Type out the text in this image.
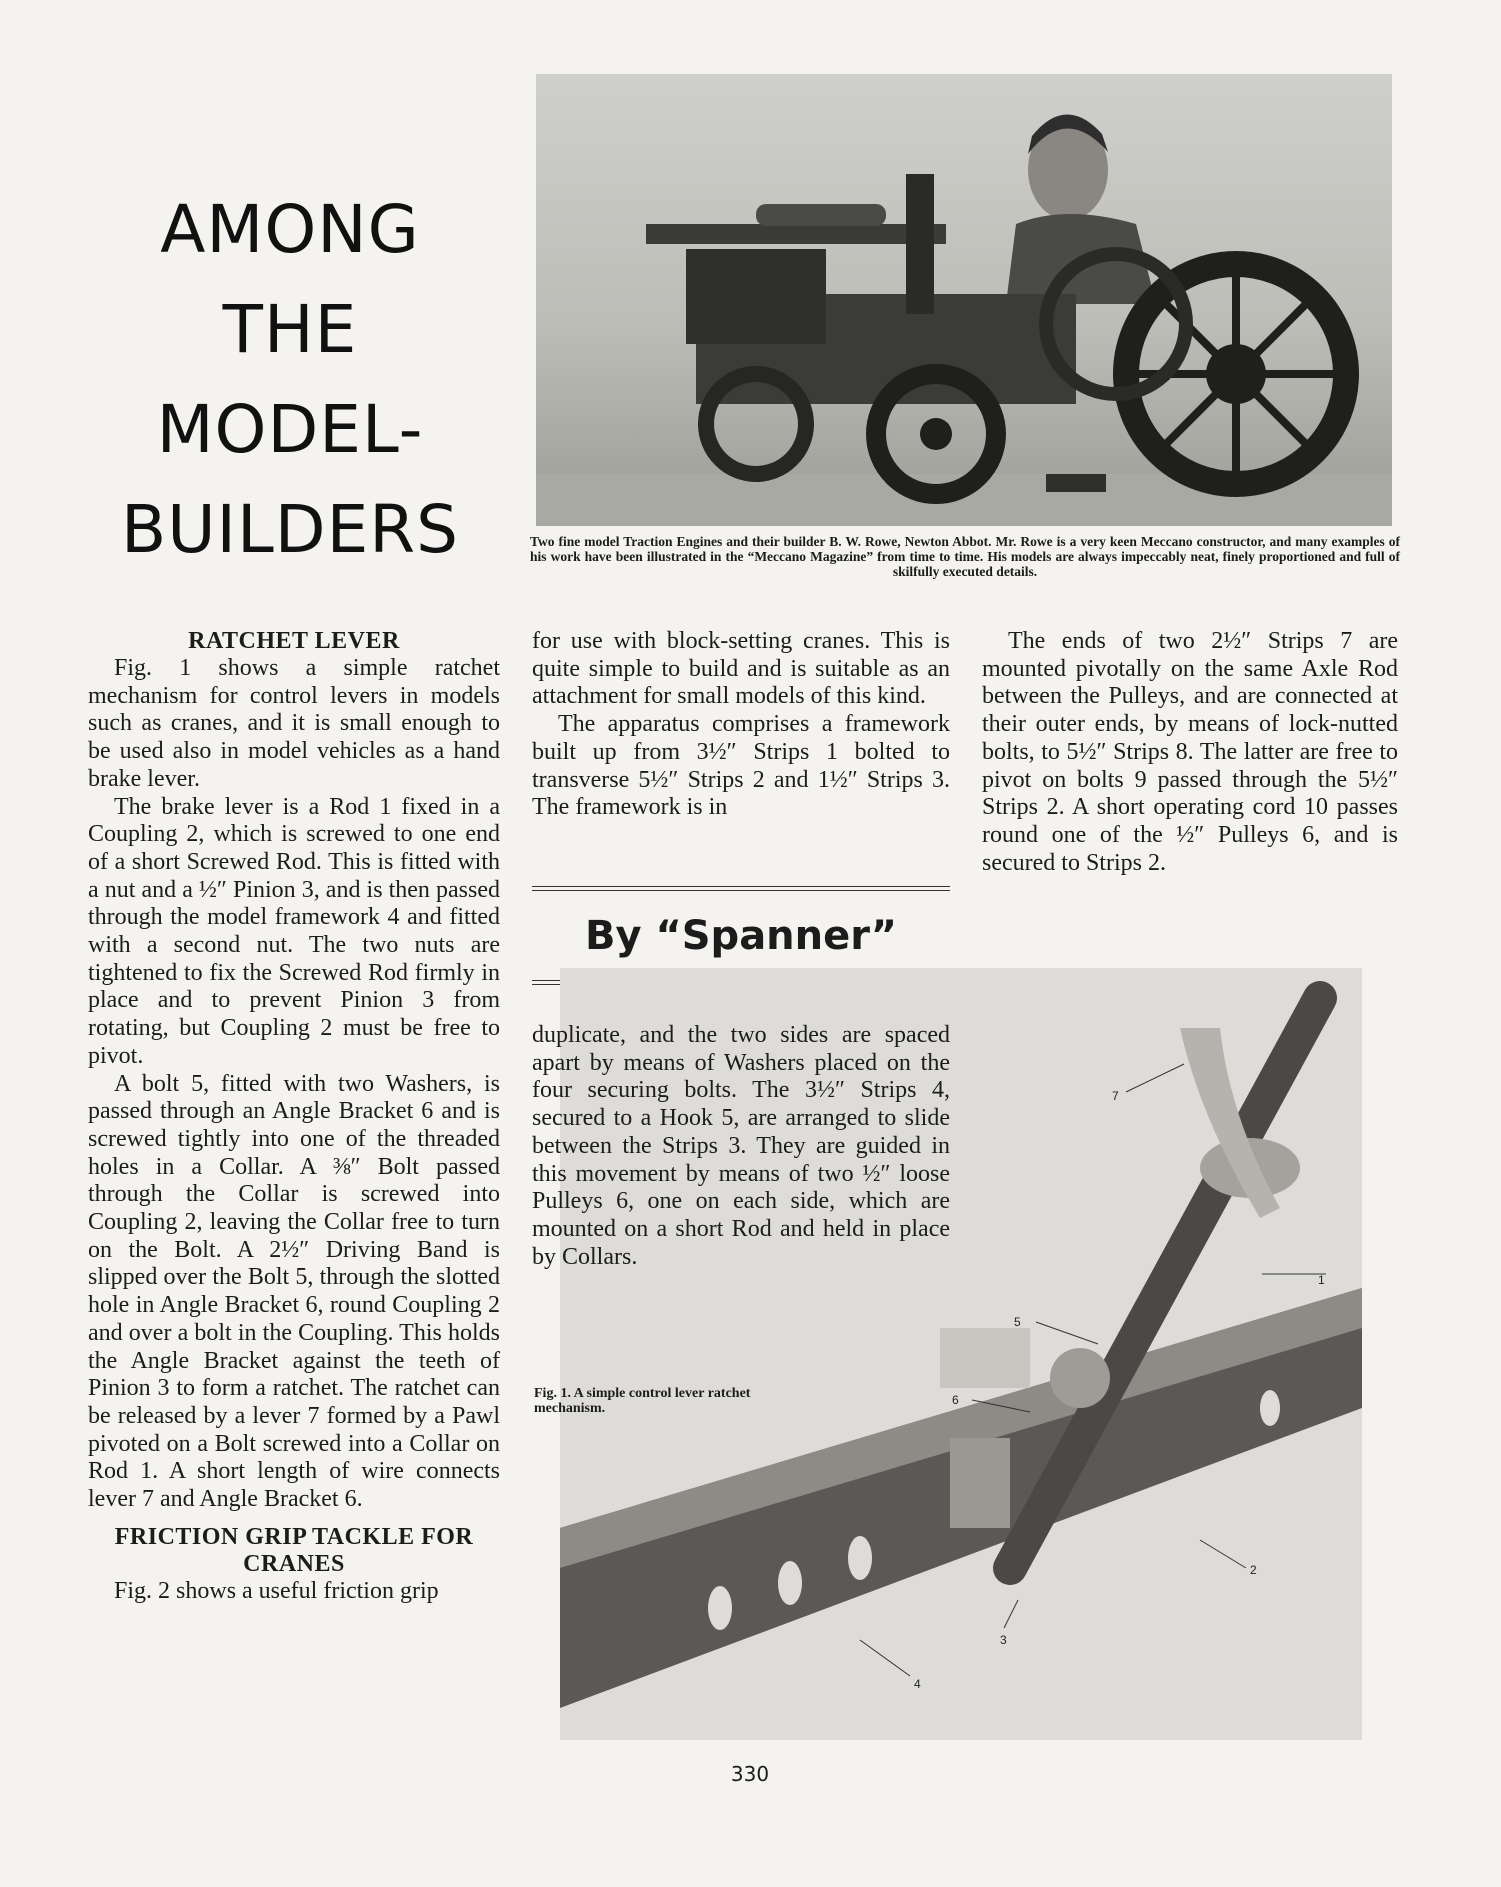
AMONG
THE
MODEL-
BUILDERS	Two fine model Traction Engines and their builder B. W. Rowe, Newton Abbot. Mr. Rowe is a very keen Meccano constructor, and many examples of his work have been illustrated in the “Meccano Magazine” from time to time. His models are always impeccably neat, finely proportioned and full of skilfully executed details.
RATCHET LEVER

Fig. 1 shows a simple ratchet mechanism for control levers in models such as cranes, and it is small enough to be used also in model vehicles as a hand brake lever.

The brake lever is a Rod 1 fixed in a Coupling 2, which is screwed to one end of a short Screwed Rod. This is fitted with a nut and a ½″ Pinion 3, and is then passed through the model framework 4 and fitted with a second nut. The two nuts are tightened to fix the Screwed Rod firmly in place and to prevent Pinion 3 from rotating, but Coupling 2 must be free to pivot.

A bolt 5, fitted with two Washers, is passed through an Angle Bracket 6 and is screwed tightly into one of the threaded holes in a Collar. A ⅜″ Bolt passed through the Collar is screwed into Coupling 2, leaving the Collar free to turn on the Bolt. A 2½″ Driving Band is slipped over the Bolt 5, through the slotted hole in Angle Bracket 6, round Coupling 2 and over a bolt in the Coupling. This holds the Angle Bracket against the teeth of Pinion 3 to form a ratchet. The ratchet can be released by a lever 7 formed by a Pawl pivoted on a Bolt screwed into a Collar on Rod 1. A short length of wire connects lever 7 and Angle Bracket 6.

FRICTION GRIP TACKLE FOR CRANES

Fig. 2 shows a useful friction grip

for use with block-setting cranes. This is quite simple to build and is suitable as an attachment for small models of this kind.

The apparatus comprises a framework built up from 3½″ Strips 1 bolted to transverse 5½″ Strips 2 and 1½″ Strips 3. The framework is in

By “Spanner”

duplicate, and the two sides are spaced apart by means of Washers placed on the four securing bolts. The 3½″ Strips 4, secured to a Hook 5, are arranged to slide between the Strips 3. They are guided in this movement by means of two ½″ loose Pulleys 6, one on each side, which are mounted on a short Rod and held in place by Collars.

The ends of two 2½″ Strips 7 are mounted pivotally on the same Axle Rod between the Pulleys, and are connected at their outer ends, by means of lock-nutted bolts, to 5½″ Strips 8. The latter are free to pivot on bolts 9 passed through the 5½″ Strips 2. A short operating cord 10 passes round one of the ½″ Pulleys 6, and is secured to Strips 2.

7
1
5
6
2
3
4
Fig. 1. A simple control lever ratchet mechanism.
330
